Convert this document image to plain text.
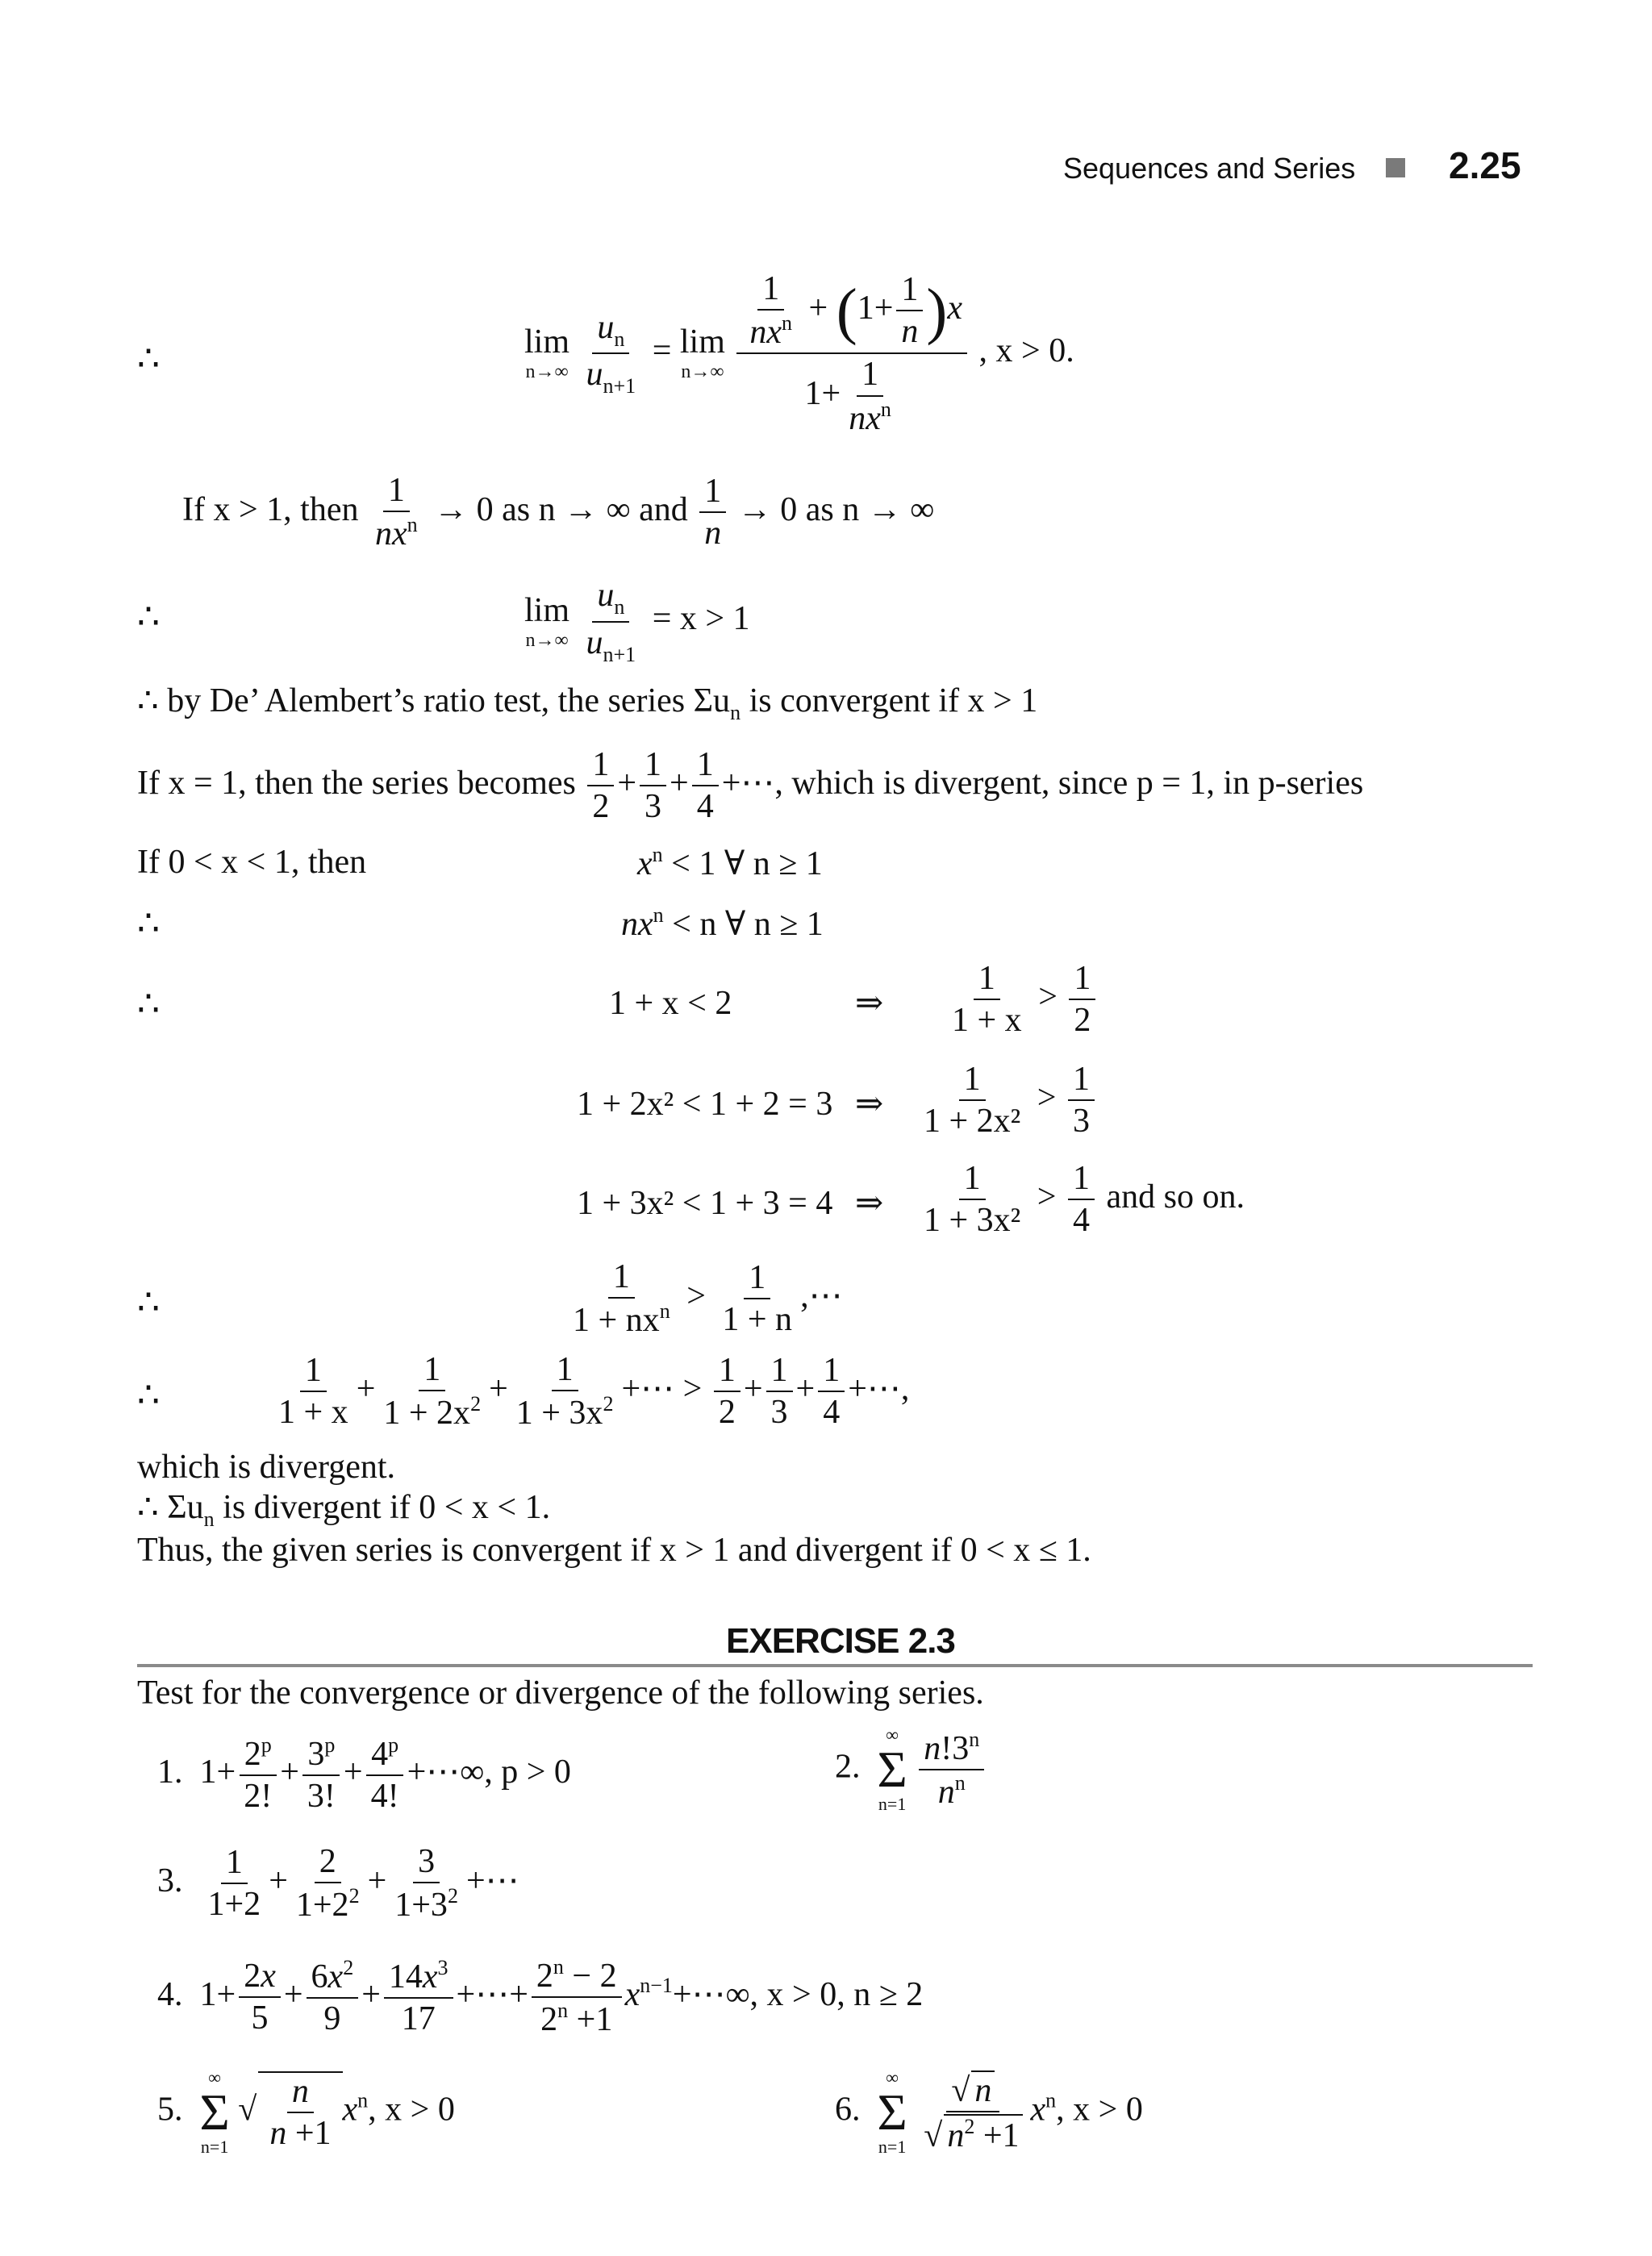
Sequences and Series	2.25
∴	lim
n→∞
$\frac{u_n}{u_{n+1}} = \lim$
n→∞
$\frac{\frac{1}{nx^n} + (1+ \frac{1}{n} )x}{1+ \frac{1}{nx^n}}$ , x > 0.
If x > 1, then $\frac{1}{nx^n} \to 0$ as n → ∞ and $\frac{1}{n} \to 0$ as n → ∞
∴	lim
n→∞
$\frac{u_n}{u_{n+1}} = x > 1$
∴ by De’ Alembert’s ratio test, the series $\Sigma u_n$ is convergent if x > 1
If x = 1, then the series becomes $\frac{1}{2} + \frac{1}{3} + \frac{1}{4}$ +⋯, which is divergent, since p = 1, in p-series
If 0 < x < 1, then	$x^n < 1$ ∀ n ≥ 1
∴	$nx^n < n$ ∀ n ≥ 1
∴	1 + x < 2	⇒ $\frac{1}{1 + x} > \frac{1}{2}$
1 + 2x² < 1 + 2 = 3 ⇒ $\frac{1}{\text{1 + 2x²}} > \frac{1}{3}$
1 + 3x² < 1 + 3 = 4 ⇒ $\frac{1}{\text{1 + 3x²}} > \frac{1}{4}$ and so on.
∴	$\frac{1}{1 + nx^n} > \frac{1}{1 + n}$ ,⋯
∴	$\frac{1}{1 + x} + \frac{1}{1 + 2x^2} + \frac{1}{1 + 3x^2}$ +⋯ > $\frac{1}{2} + \frac{1}{3} + \frac{1}{4}$ +⋯,
which is divergent.
∴ $\Sigma u_n$ is divergent if 0 < x < 1.
Thus, the given series is convergent if x > 1 and divergent if 0 < x ≤ 1.
EXERCISE 2.3
Test for the convergence or divergence of the following series.
1.  $1+ \frac{2^p}{2!} + \frac{3^p}{3!} + \frac{4^p}{4!}$ +⋯∞, p > 0	2.
∞
Σ
n=1
$\frac{n!3^n}{n^n}$
3. $\frac{1}{1+2} + \frac{2}{1+2^2} + \frac{3}{1+3^2}$ +⋯
4.  $1+ \frac{2x}{5} + \frac{6x^2}{9} + \frac{14x^3}{17}$ +⋯+ $\frac{2^n - 2}{2^n +1}$ $x^{n-1}+\cdots\infty$, x > 0, n ≥ 2
5.
∞
Σ
n=1
√ $\frac{n}{n +1} x^n$, x > 0	6.
∞
Σ
n=1
$\frac{√ n}{√ n^2 +1} x^n$, x > 0
